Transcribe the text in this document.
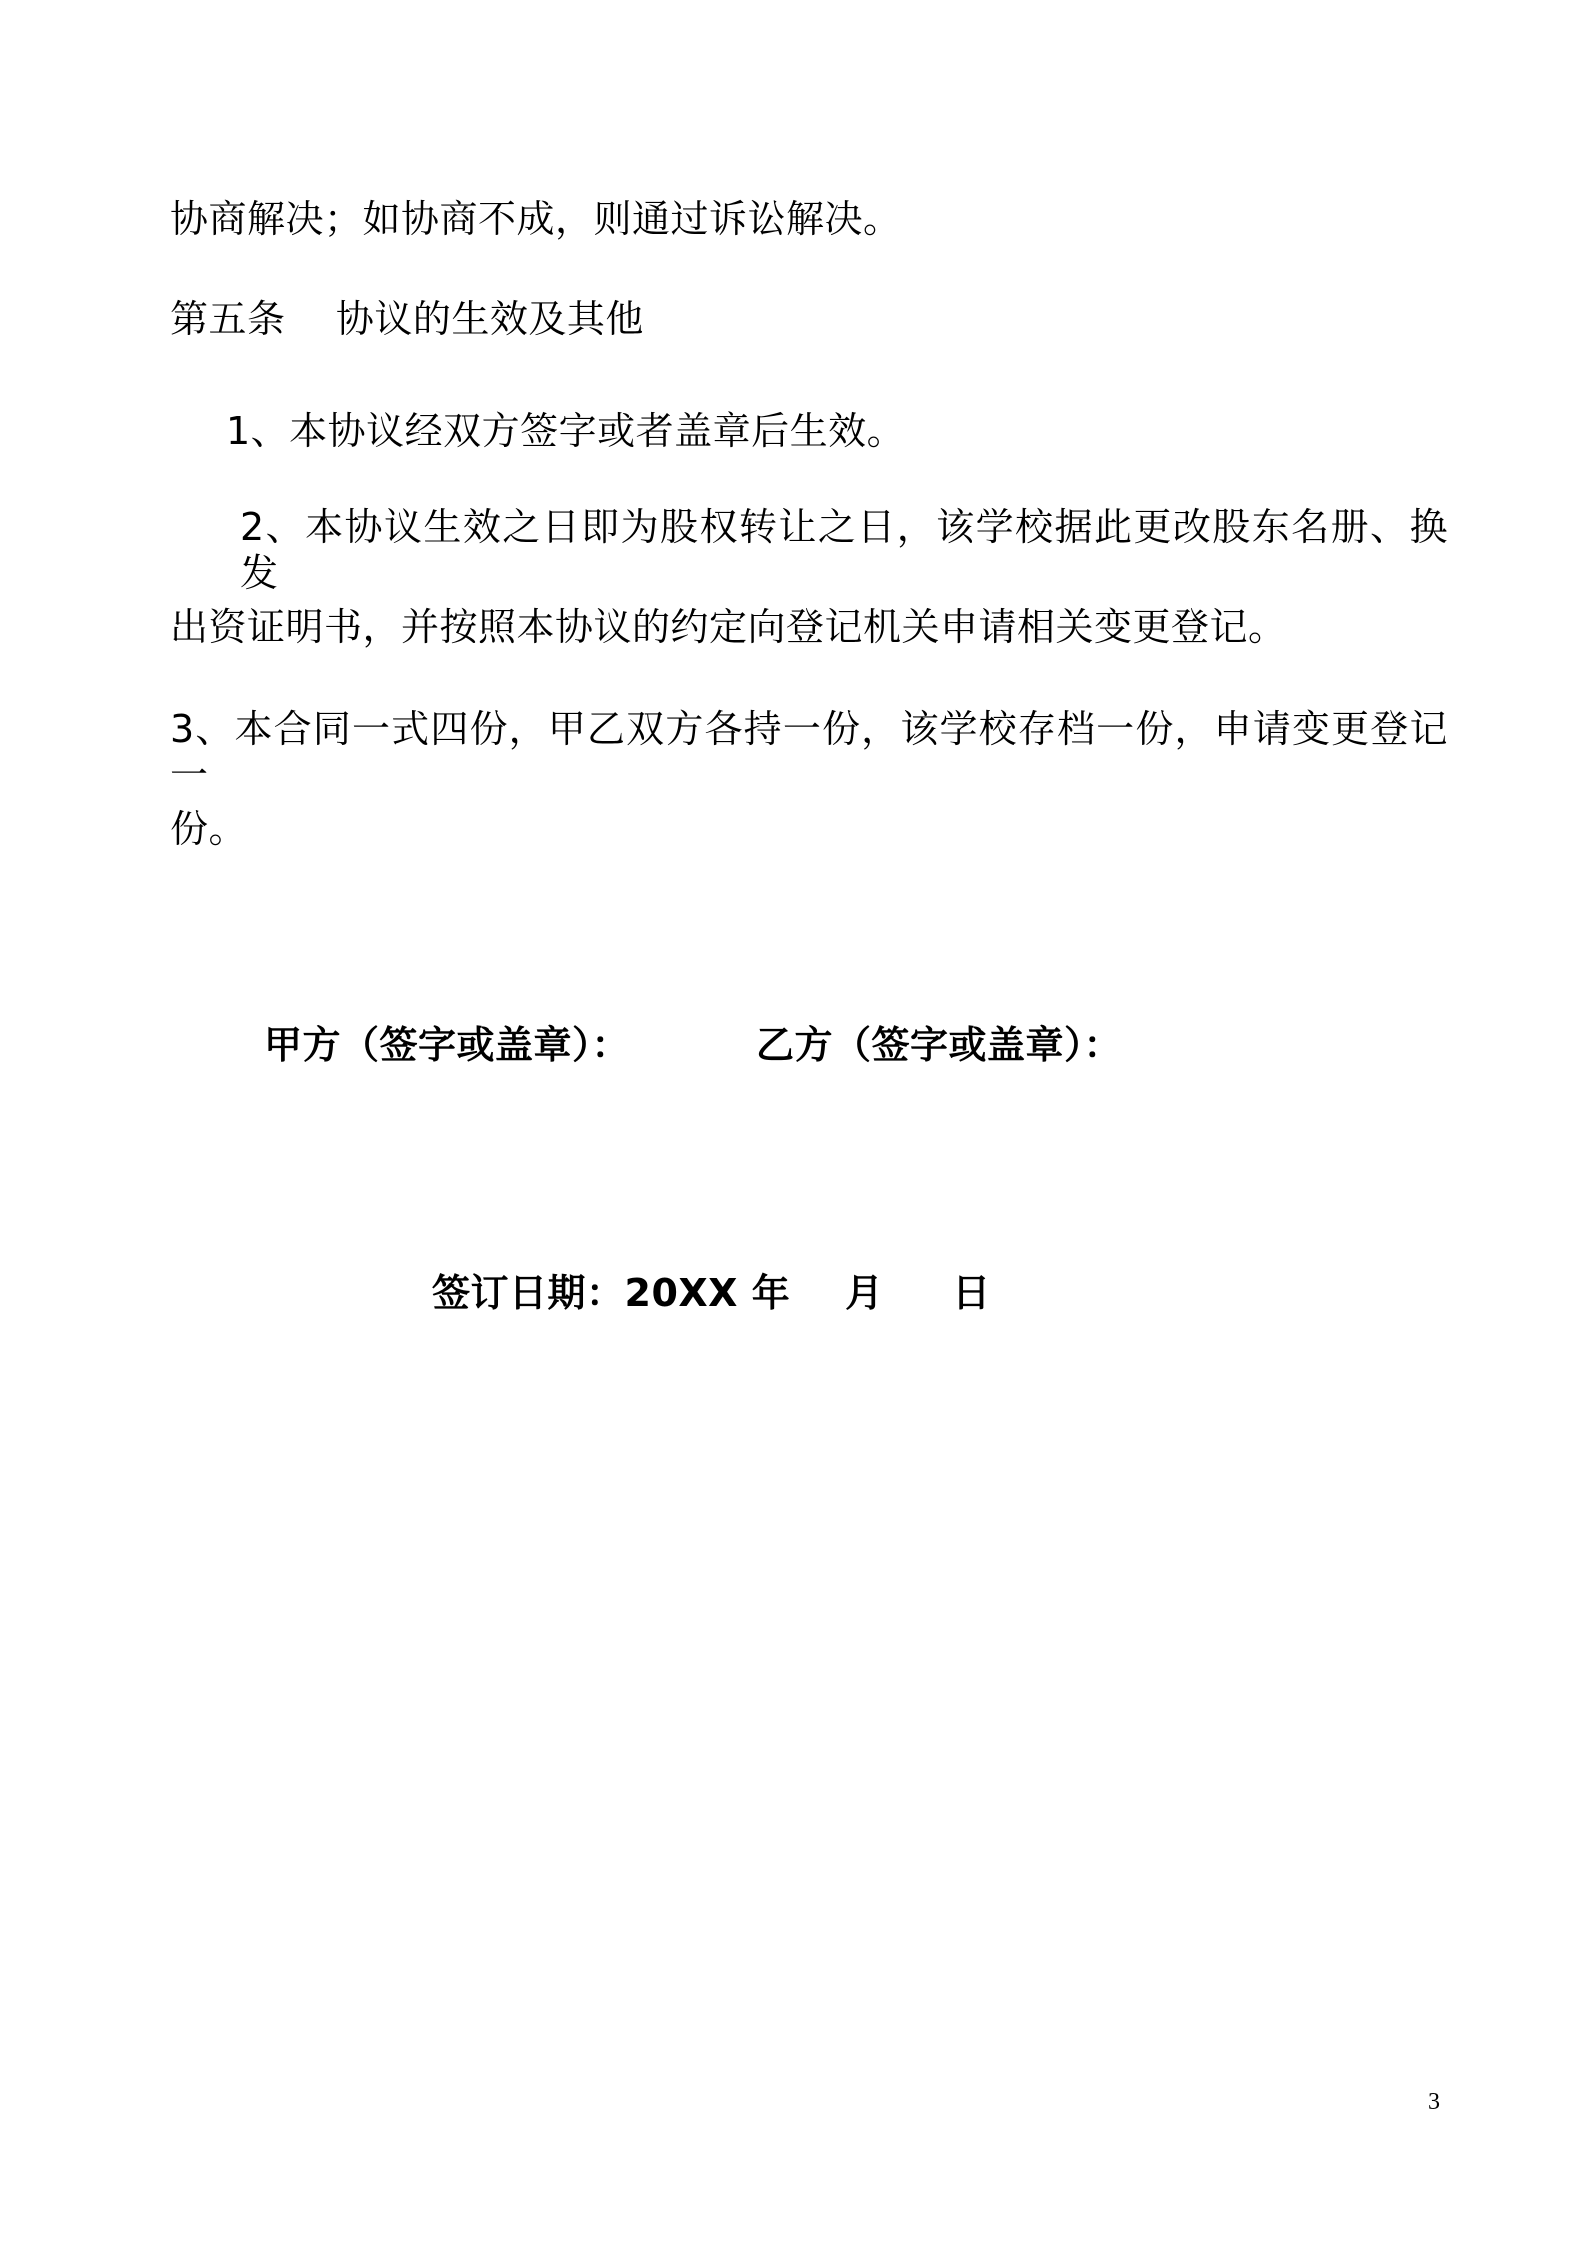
协商解决；如协商不成，则通过诉讼解决。
第五条    协议的生效及其他
1、本协议经双方签字或者盖章后生效。
2、本协议生效之日即为股权转让之日，该学校据此更改股东名册、换发
出资证明书，并按照本协议的约定向登记机关申请相关变更登记。
3、本合同一式四份，甲乙双方各持一份，该学校存档一份，申请变更登记一
份。
甲方（签字或盖章）：	乙方（签字或盖章）：
签订日期：20XX 年    月     日
3
